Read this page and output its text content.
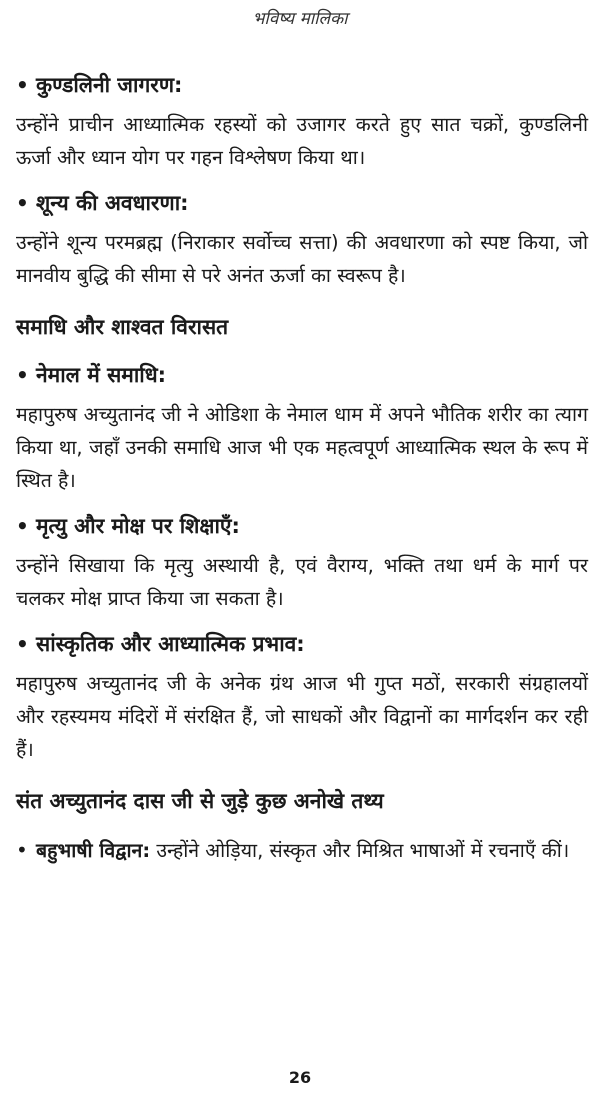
भविष्य मालिका
• कुण्डलिनी जागरण:

उन्होंने प्राचीन आध्यात्मिक रहस्यों को उजागर करते हुए सात चक्रों, कुण्डलिनी ऊर्जा और ध्यान योग पर गहन विश्लेषण किया था।

• शून्य की अवधारणा:

उन्होंने शून्य परमब्रह्म (निराकार सर्वोच्च सत्ता) की अवधारणा को स्पष्ट किया, जो मानवीय बुद्धि की सीमा से परे अनंत ऊर्जा का स्वरूप है।

समाधि और शाश्वत विरासत
• नेमाल में समाधि:

महापुरुष अच्युतानंद जी ने ओडिशा के नेमाल धाम में अपने भौतिक शरीर का त्याग किया था, जहाँ उनकी समाधि आज भी एक महत्वपूर्ण आध्यात्मिक स्थल के रूप में स्थित है।

• मृत्यु और मोक्ष पर शिक्षाएँ:

उन्होंने सिखाया कि मृत्यु अस्थायी है, एवं वैराग्य, भक्ति तथा धर्म के मार्ग पर चलकर मोक्ष प्राप्त किया जा सकता है।

• सांस्कृतिक और आध्यात्मिक प्रभाव:

महापुरुष अच्युतानंद जी के अनेक ग्रंथ आज भी गुप्त मठों, सरकारी संग्रहालयों और रहस्यमय मंदिरों में संरक्षित हैं, जो साधकों और विद्वानों का मार्गदर्शन कर रही हैं।

संत अच्युतानंद दास जी से जुड़े कुछ अनोखे तथ्य
• बहुभाषी विद्वान: उन्होंने ओड़िया, संस्कृत और मिश्रित भाषाओं में रचनाएँ कीं।
26
